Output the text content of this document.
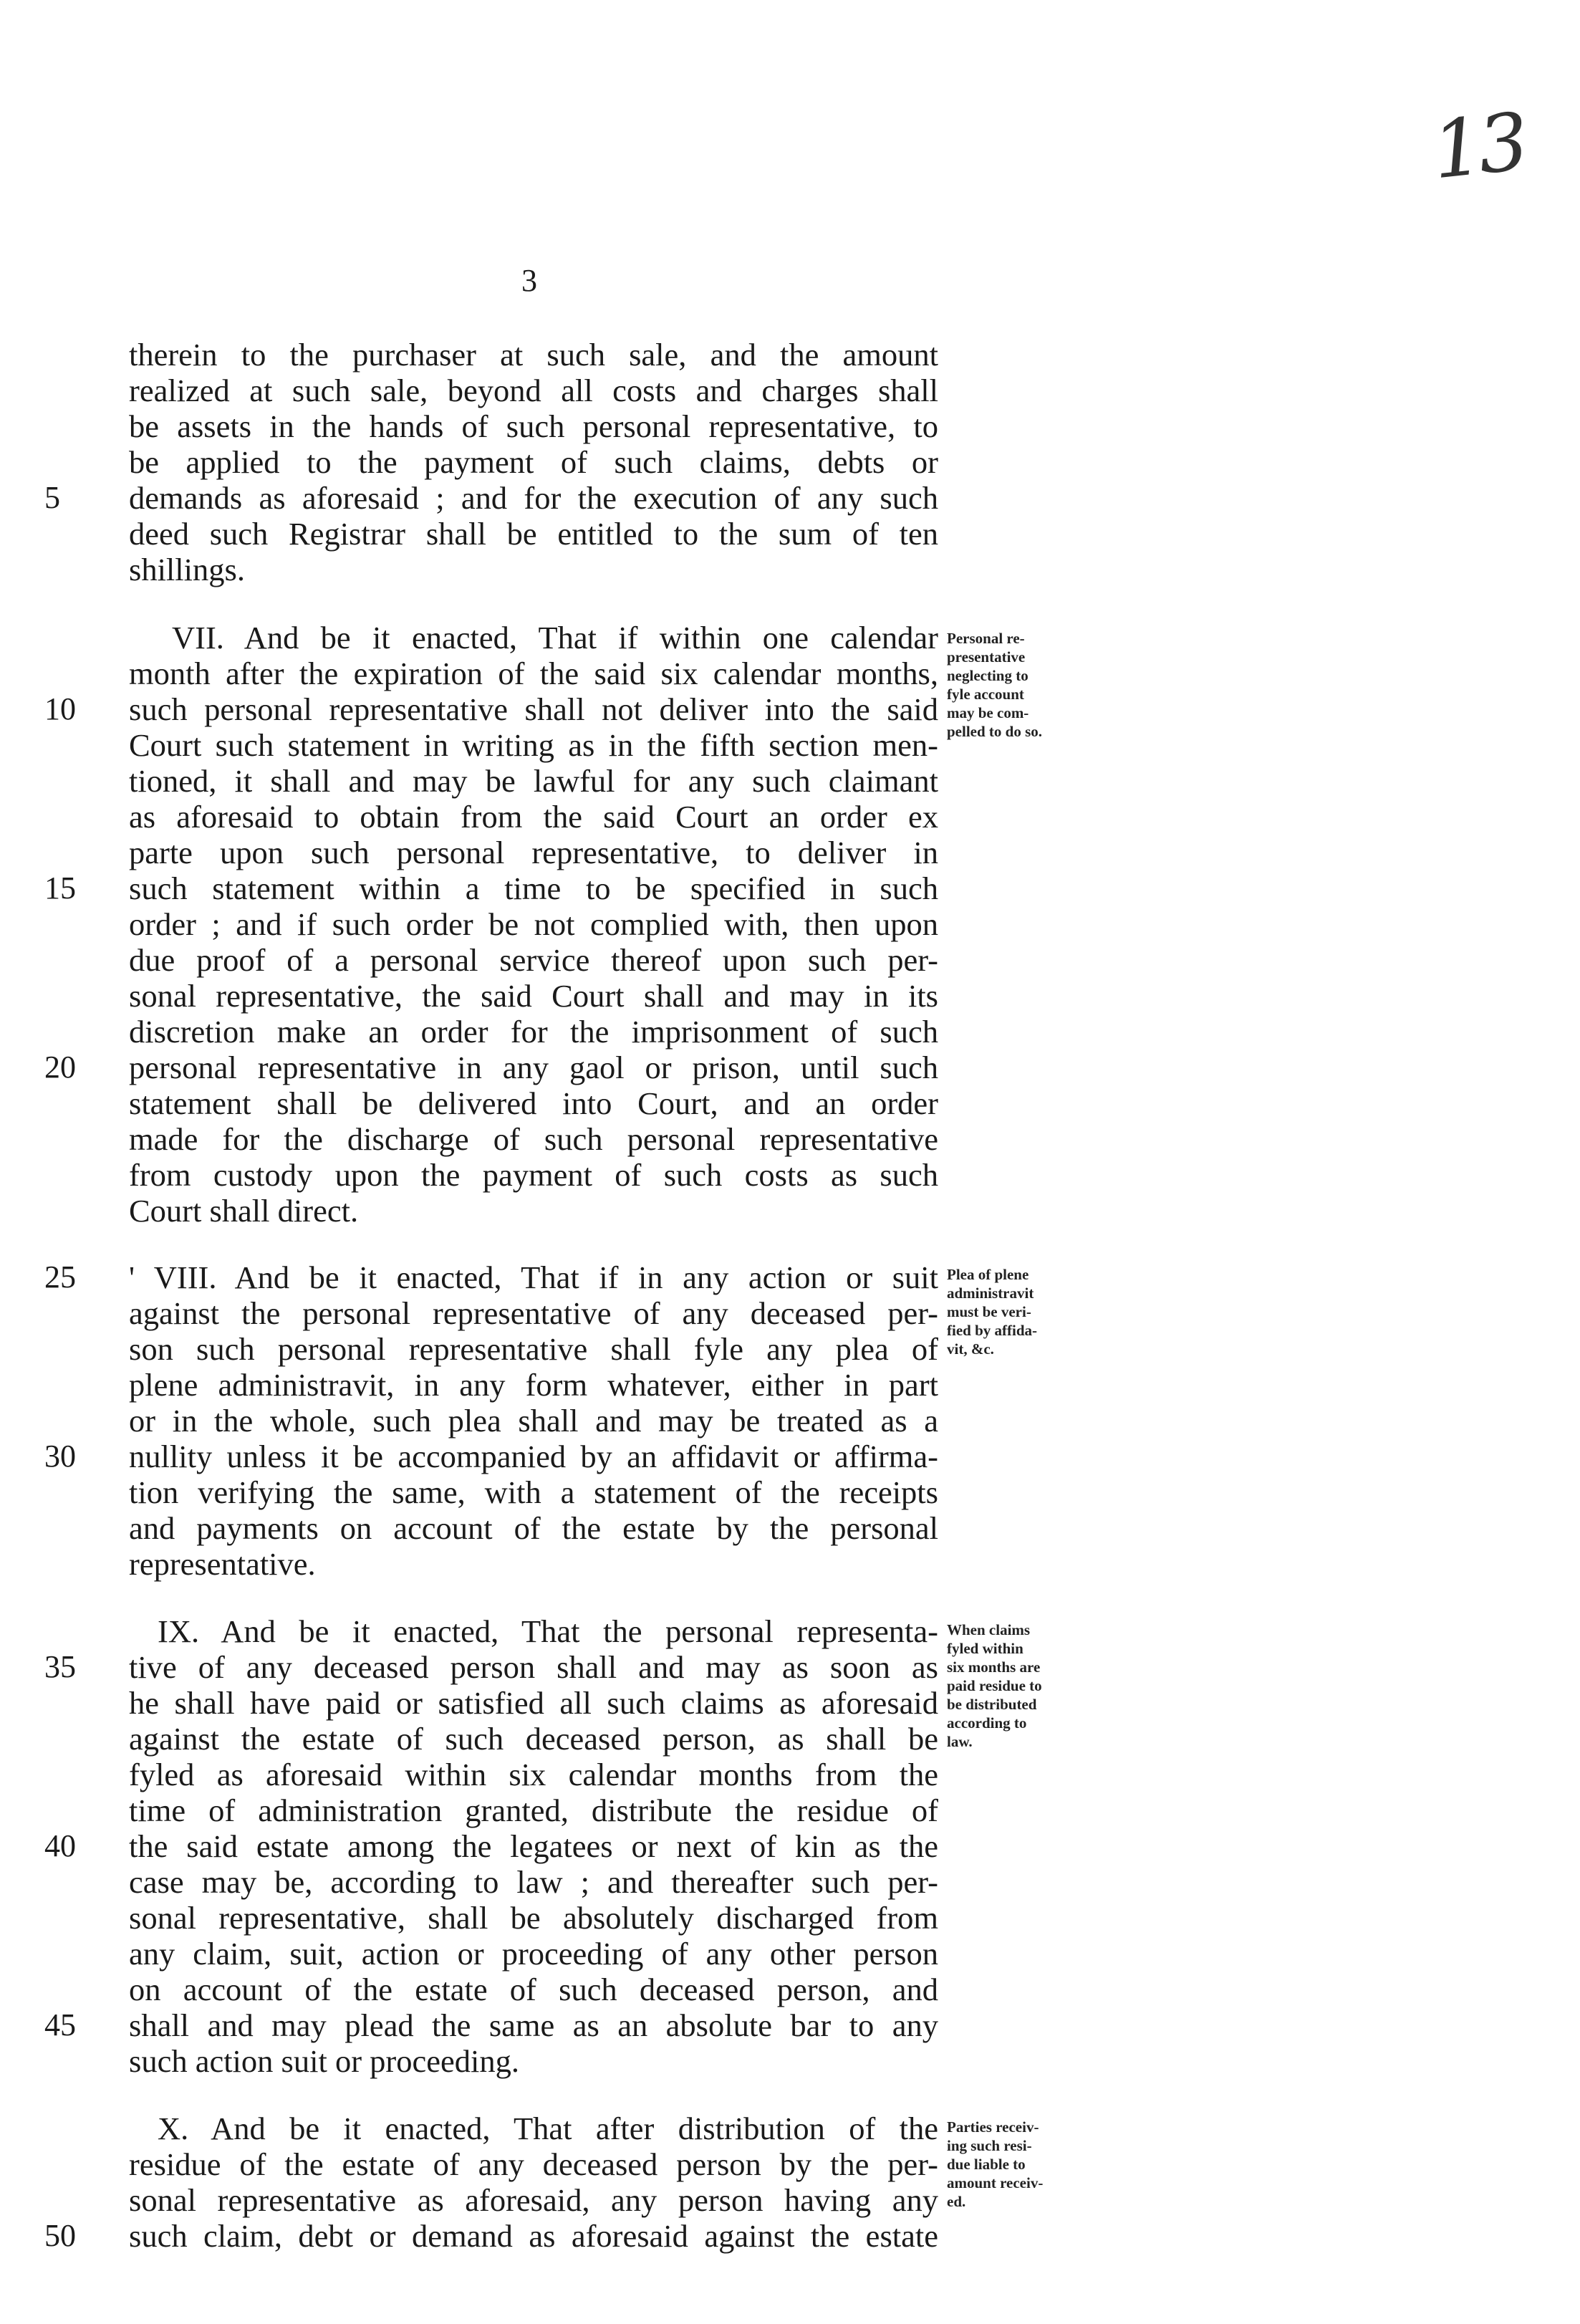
13
3
therein to the purchaser at such sale, and the amount
realized at such sale, beyond all costs and charges shall
be assets in the hands of such personal representative, to
be applied to the payment of such claims, debts or
demands as aforesaid ; and for the execution of any such
5
deed such Registrar shall be entitled to the sum of ten
shillings.
VII. And be it enacted, That if within one calendar
month after the expiration of the said six calendar months,
such personal representative shall not deliver into the said
10
Court such statement in writing as in the fifth section men-
tioned, it shall and may be lawful for any such claimant
as aforesaid to obtain from the said Court an order ex
parte upon such personal representative, to deliver in
such statement within a time to be specified in such
15
order ; and if such order be not complied with, then upon
due proof of a personal service thereof upon such per-
sonal representative, the said Court shall and may in its
discretion make an order for the imprisonment of such
personal representative in any gaol or prison, until such
20
statement shall be delivered into Court, and an order
made for the discharge of such personal representative
from custody upon the payment of such costs as such
Court shall direct.
' VIII. And be it enacted, That if in any action or suit
25
against the personal representative of any deceased per-
son such personal representative shall fyle any plea of
plene administravit, in any form whatever, either in part
or in the whole, such plea shall and may be treated as a
nullity unless it be accompanied by an affidavit or affirma-
30
tion verifying the same, with a statement of the receipts
and payments on account of the estate by the personal
representative.
IX. And be it enacted, That the personal representa-
tive of any deceased person shall and may as soon as
35
he shall have paid or satisfied all such claims as aforesaid
against the estate of such deceased person, as shall be
fyled as aforesaid within six calendar months from the
time of administration granted, distribute the residue of
the said estate among the legatees or next of kin as the
40
case may be, according to law ; and thereafter such per-
sonal representative, shall be absolutely discharged from
any claim, suit, action or proceeding of any other person
on account of the estate of such deceased person, and
shall and may plead the same as an absolute bar to any
45
such action suit or proceeding.
X. And be it enacted, That after distribution of the
residue of the estate of any deceased person by the per-
sonal representative as aforesaid, any person having any
such claim, debt or demand as aforesaid against the estate
50
Personal re-
presentative
neglecting to
fyle account
may be com-
pelled to do so.
Plea of plene
administravit
must be veri-
fied by affida-
vit, &c.
When claims
fyled within
six months are
paid residue to
be distributed
according to
law.
Parties receiv-
ing such resi-
due liable to
amount receiv-
ed.
